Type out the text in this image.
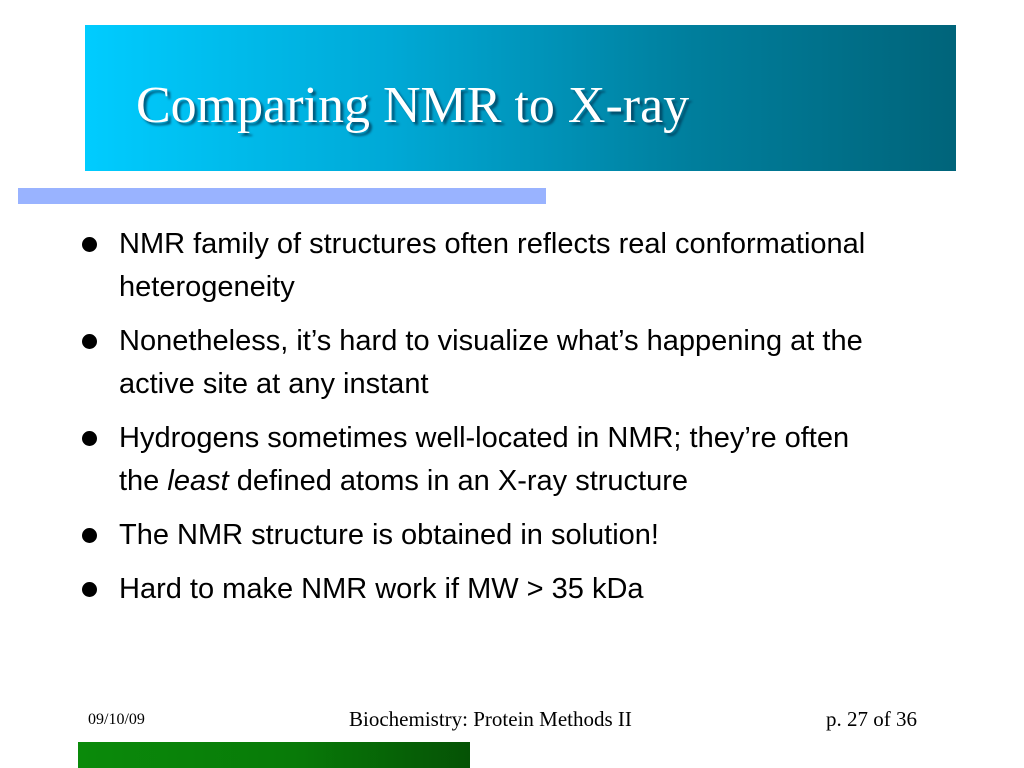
Comparing NMR to X-ray
NMR family of structures often reflects real conformational heterogeneity
Nonetheless, it’s hard to visualize what’s happening at the active site at any instant
Hydrogens sometimes well-located in NMR; they’re often the least defined atoms in an X-ray structure
The NMR structure is obtained in solution!
Hard to make NMR work if MW > 35 kDa
09/10/09	Biochemistry: Protein Methods II	p. 27 of 36
